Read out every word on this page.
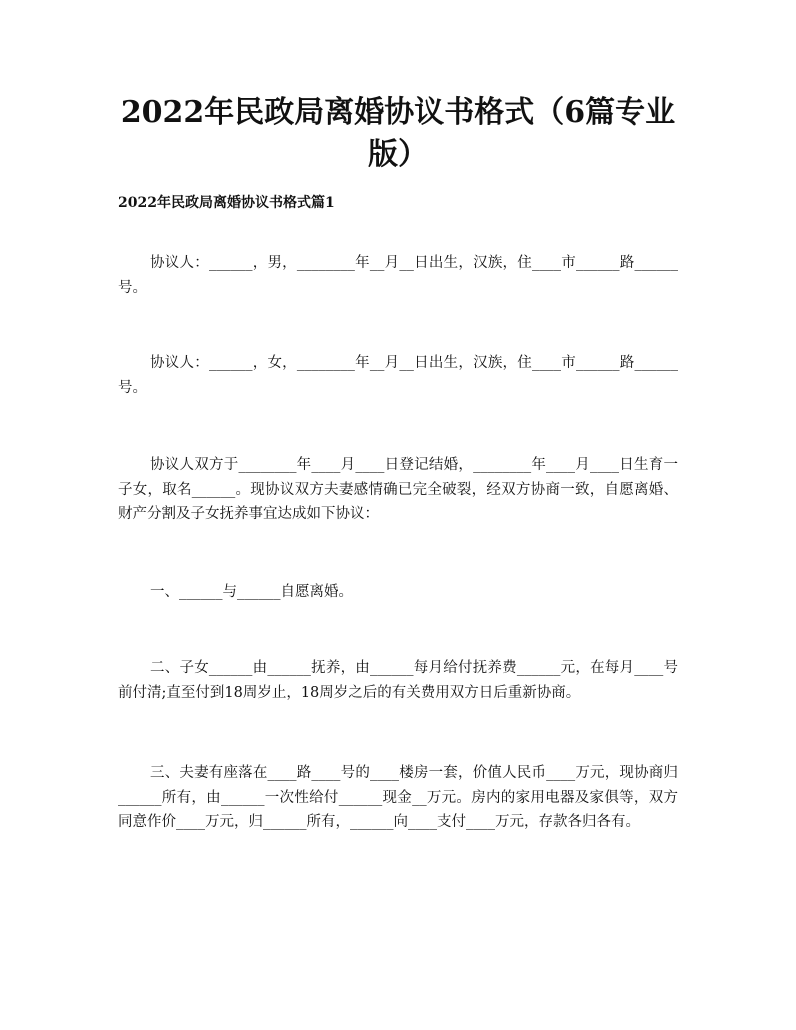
2022年民政局离婚协议书格式（6篇专业版）
2022年民政局离婚协议书格式篇1

协议人：______，男，________年__月__日出生，汉族，住____市______路______号。

协议人：______，女，________年__月__日出生，汉族，住____市______路______号。

协议人双方于________年____月____日登记结婚，________年____月____日生育一子女，取名______。现协议双方夫妻感情确已完全破裂，经双方协商一致，自愿离婚、财产分割及子女抚养事宜达成如下协议：

一、______与______自愿离婚。

二、子女______由______抚养，由______每月给付抚养费______元，在每月____号前付清;直至付到18周岁止，18周岁之后的有关费用双方日后重新协商。

三、夫妻有座落在____路____号的____楼房一套，价值人民币____万元，现协商归______所有，由______一次性给付______现金__万元。房内的家用电器及家俱等，双方同意作价____万元，归______所有，______向____支付____万元，存款各归各有。
